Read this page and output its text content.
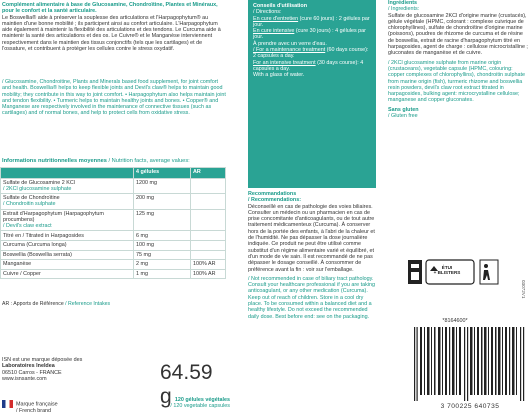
Complément alimentaire à base de Glucosamine, Chondroïtine, Plantes et Minéraux, pour le confort et la santé articulaire.
Le Boswellia® aide à préserver la souplesse des articulations et l'Harpagophytum® au maintien d'une bonne mobilité ; ils participent ainsi au confort articulaire. L'Harpagophytum aide également à maintenir la flexibilité des articulations et des tendons. Le Curcuma aide à maintenir la santé des articulations et des os. Le Cuivre® et le Manganèse interviennent respectivement dans le maintien des tissus conjonctifs (tels que les cartilages) et de l'ossature, et contribuent à protéger les cellules contre le stress oxydatif.
/ Glucosamine, Chondroitine, Plants and Minerals based food supplement, for joint comfort and health. Boswellia® helps to keep flexible joints and Devil's claw® helps to maintain good mobility; they contribute in this way to joint comfort. • Harpagophytum also helps maintain joint and tendon flexibility. • Turmeric helps to maintain healthy joints and bones. • Copper® and Manganese are respectively involved in the maintenance of connective tissues (such as cartilages) and of normal bones, and help to protect cells from oxidative stress.
Informations nutritionnelles moyennes / Nutrition facts, average values:
	4 gélules	AR
Sulfate de Glucosamine 2 KCl
/ 2KCl glucosamine sulphate	1200 mg	
Sulfate de Chondroïtine
/ Chondroitin sulphate	200 mg	
Extrait d'Harpagophytum (Harpagophytum procumbens)
/ Devil's claw extract	125 mg	
Titré en / Titrated in Harpagosides	6 mg	
Curcuma (Curcuma longa)	100 mg	
Boswellia (Boswellia serrata)	75 mg	
Manganèse	2 mg	100% AR
Cuivre / Copper	1 mg	100% AR
AR : Apports de Référence / Reference Intakes
ISN est une marque déposée des
Laboratoires Ineldea
06510 Carros - FRANCE
www.isnsante.com
Marque française
/ French brand
64.59 g 120 gélules végétales
/ 120 vegetable capsules
Conseils d'utilisation
/ Directions:
En cure d'entretien (cure 60 jours) : 2 gélules par jour.
En cure intensive (cure 30 jours) : 4 gélules par jour.
À prendre avec un verre d'eau.
/ For a maintenance treatment (60 days course): 2 capsules a day.
For an intensive treatment (30 days course): 4 capsules a day.
With a glass of water.
Recommandations
/ Recommendations:
Déconseillé en cas de pathologie des voies biliaires. Consulter un médecin ou un pharmacien en cas de prise concomitante d'anticoagulants, ou de tout autre traitement médicamenteux (Curcuma). À conserver hors de la portée des enfants, à l'abri de la chaleur et de l'humidité. Ne pas dépasser la dose journalière indiquée. Ce produit ne peut être utilisé comme substitut d'un régime alimentaire varié et équilibré, et d'un mode de vie sain. Il est recommandé de ne pas dépasser le dosage conseillé. À consommer de préférence avant la fin : voir sur l'emballage.
/ Not recommended in case of biliary tract pathology. Consult your healthcare professional if you are taking anticoagulant, or any other medication (Curcuma). Keep out of reach of children. Store in a cool dry place. To be consumed within a balanced diet and a healthy lifestyle. Do not exceed the recommended daily dose. Best before end: see on the packaging.
Ingrédients
/ Ingredients:
Sulfate de glucosamine 2KCl d'origine marine (crustacés), gélule végétale (HPMC, colorant : complexe cuivrique de chlorophyllines), sulfate de chondroïtine d'origine marine (poissons), poudres de rhizome de curcuma et de résine de boswellia, extrait de racine d'harpagophytum titré en harpagosides, agent de charge : cellulose microcristalline ; gluconates de manganèse et de cuivre.
/ 2KCl glucosamine sulphate from marine origin (crustaceans), vegetable capsule (HPMC, colouring: copper complexes of chlorophyllins), chondroitin sulphate from marine origin (fish), turmeric rhizome and boswellia resin powders, devil's claw root extract titrated in harpagosides, bulking agent: microcrystalline cellulose; manganese and copper gluconates.
Sans gluten
/ Gluten free
ÉTUI
+ BLISTERS
03072V1
*8164600*
3 700225 640735
